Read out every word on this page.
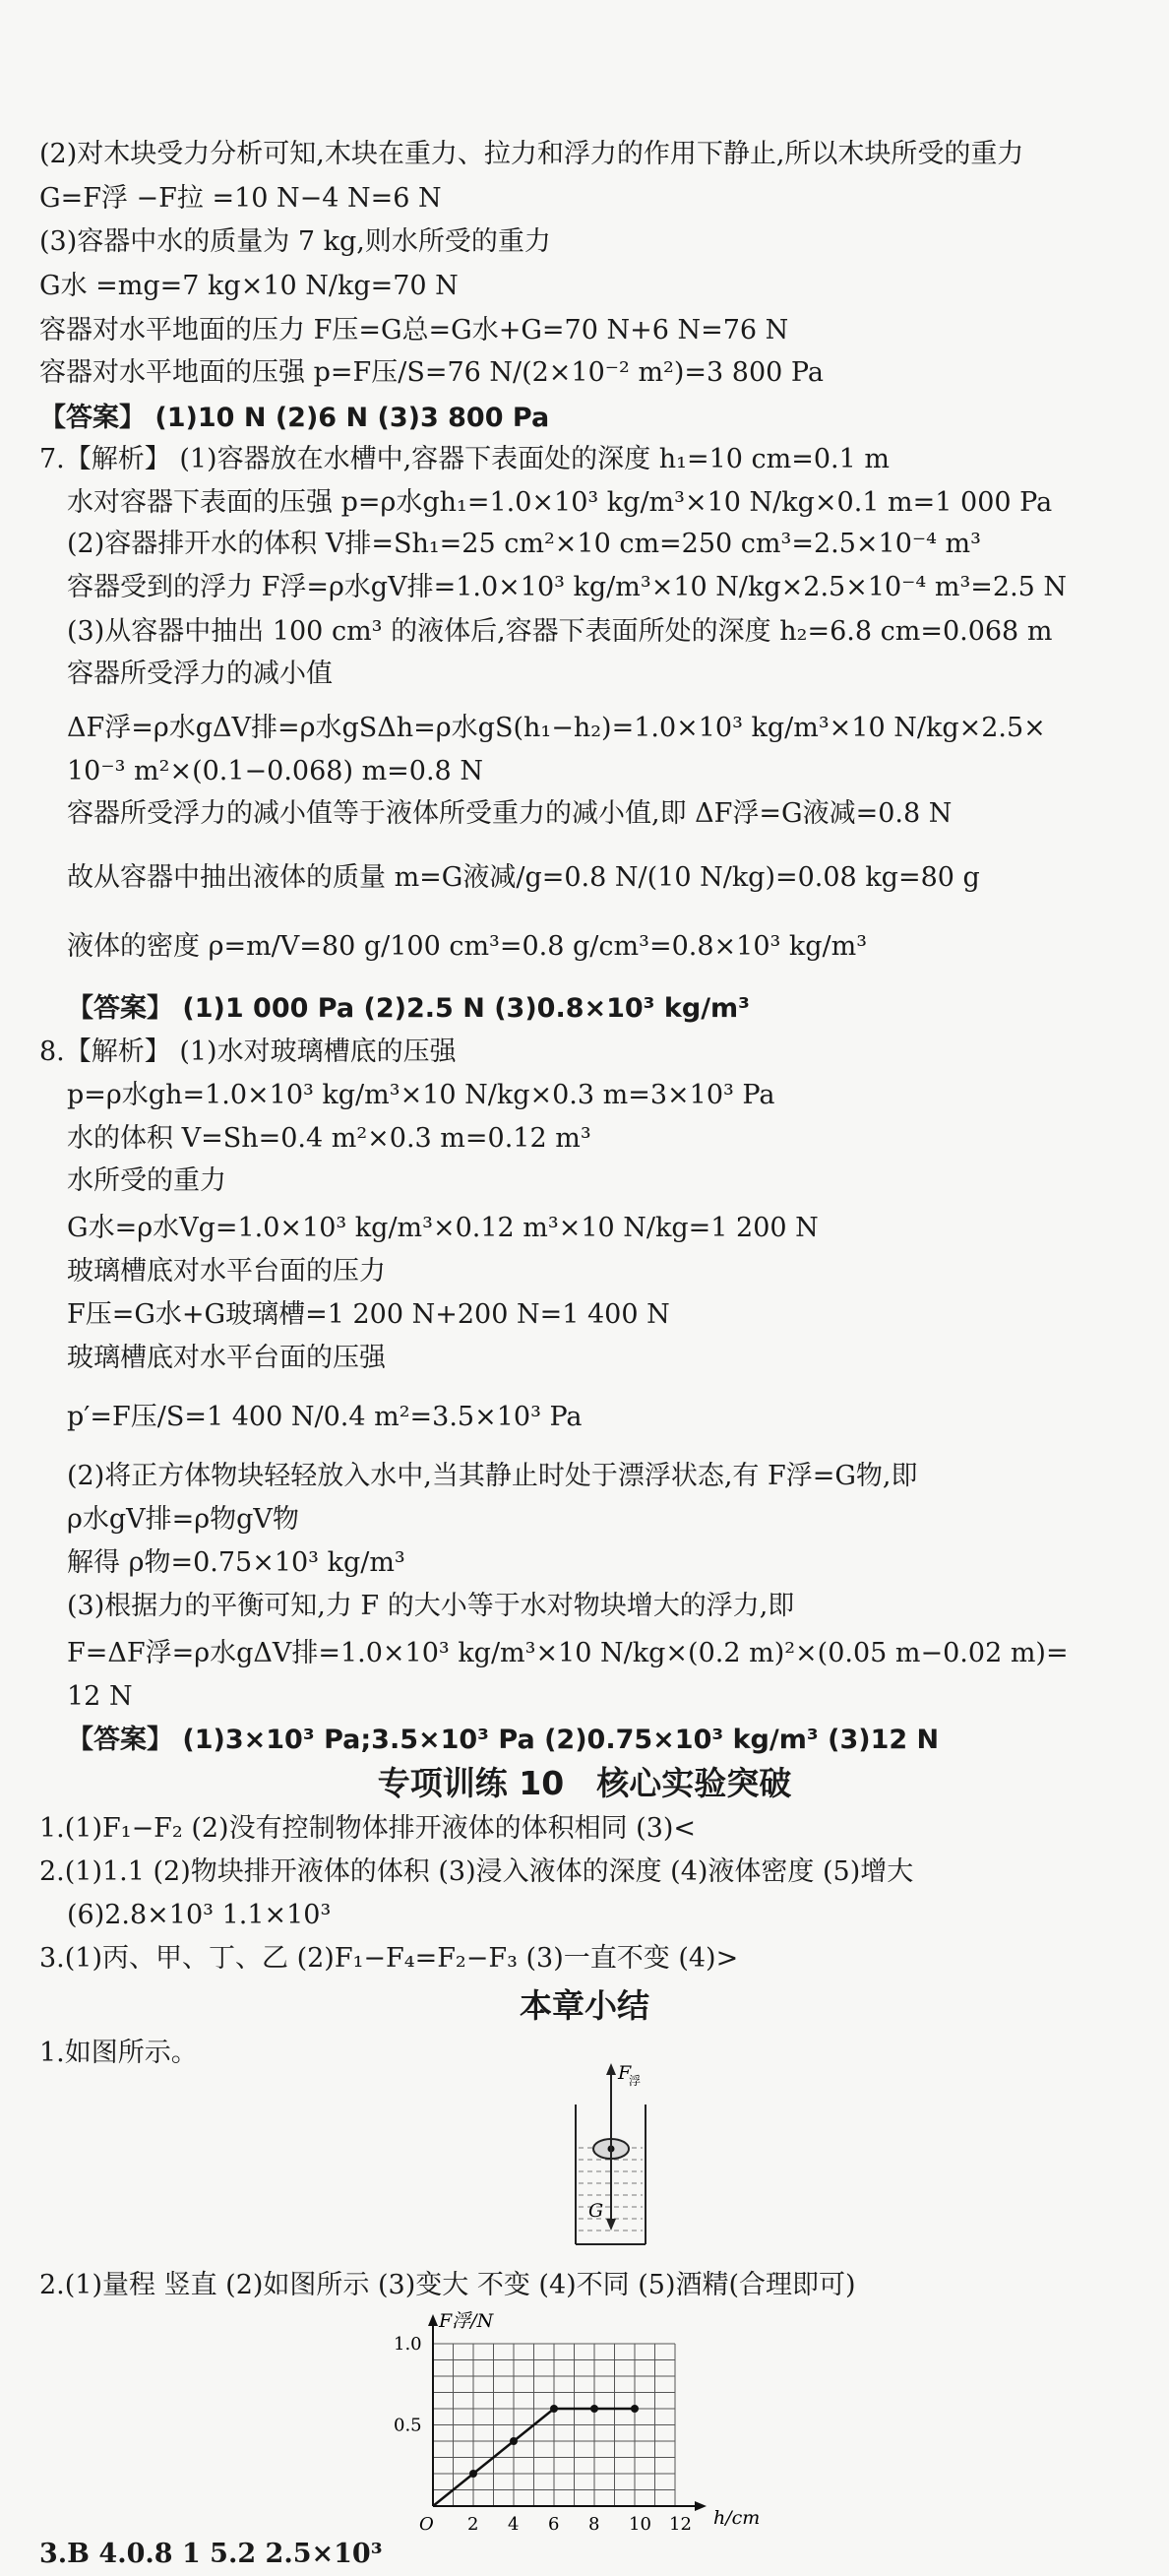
(2)对木块受力分析可知,木块在重力、拉力和浮力的作用下静止,所以木块所受的重力
G=F浮 −F拉 =10 N−4 N=6 N
(3)容器中水的质量为 7 kg,则水所受的重力
G水 =mg=7 kg×10 N/kg=70 N
容器对水平地面的压力 F压=G总=G水+G=70 N+6 N=76 N
容器对水平地面的压强 p=F压/S=76 N/(2×10⁻² m²)=3 800 Pa
【答案】 (1)10 N (2)6 N (3)3 800 Pa
7.【解析】 (1)容器放在水槽中,容器下表面处的深度 h₁=10 cm=0.1 m
水对容器下表面的压强 p=ρ水gh₁=1.0×10³ kg/m³×10 N/kg×0.1 m=1 000 Pa
(2)容器排开水的体积 V排=Sh₁=25 cm²×10 cm=250 cm³=2.5×10⁻⁴ m³
容器受到的浮力 F浮=ρ水gV排=1.0×10³ kg/m³×10 N/kg×2.5×10⁻⁴ m³=2.5 N
(3)从容器中抽出 100 cm³ 的液体后,容器下表面所处的深度 h₂=6.8 cm=0.068 m
容器所受浮力的减小值
ΔF浮=ρ水gΔV排=ρ水gSΔh=ρ水gS(h₁−h₂)=1.0×10³ kg/m³×10 N/kg×2.5×
10⁻³ m²×(0.1−0.068) m=0.8 N
容器所受浮力的减小值等于液体所受重力的减小值,即 ΔF浮=G液减=0.8 N
故从容器中抽出液体的质量 m=G液减/g=0.8 N/(10 N/kg)=0.08 kg=80 g
液体的密度 ρ=m/V=80 g/100 cm³=0.8 g/cm³=0.8×10³ kg/m³
【答案】 (1)1 000 Pa (2)2.5 N (3)0.8×10³ kg/m³
8.【解析】 (1)水对玻璃槽底的压强
p=ρ水gh=1.0×10³ kg/m³×10 N/kg×0.3 m=3×10³ Pa
水的体积 V=Sh=0.4 m²×0.3 m=0.12 m³
水所受的重力
G水=ρ水Vg=1.0×10³ kg/m³×0.12 m³×10 N/kg=1 200 N
玻璃槽底对水平台面的压力
F压=G水+G玻璃槽=1 200 N+200 N=1 400 N
玻璃槽底对水平台面的压强
p′=F压/S=1 400 N/0.4 m²=3.5×10³ Pa
(2)将正方体物块轻轻放入水中,当其静止时处于漂浮状态,有 F浮=G物,即
ρ水gV排=ρ物gV物
解得 ρ物=0.75×10³ kg/m³
(3)根据力的平衡可知,力 F 的大小等于水对物块增大的浮力,即
F=ΔF浮=ρ水gΔV排=1.0×10³ kg/m³×10 N/kg×(0.2 m)²×(0.05 m−0.02 m)=
12 N
【答案】 (1)3×10³ Pa;3.5×10³ Pa (2)0.75×10³ kg/m³ (3)12 N
专项训练 10　核心实验突破
1.(1)F₁−F₂ (2)没有控制物体排开液体的体积相同 (3)<
2.(1)1.1 (2)物块排开液体的体积 (3)浸入液体的深度 (4)液体密度 (5)增大
(6)2.8×10³ 1.1×10³
3.(1)丙、甲、丁、乙 (2)F₁−F₄=F₂−F₃ (3)一直不变 (4)>
本章小结
1.如图所示。
F
浮
G
2.(1)量程 竖直 (2)如图所示 (3)变大 不变 (4)不同 (5)酒精(合理即可)
O 2 4 6 8 10 12
0.5
1.0
F浮/N
h/cm
3.B 4.0.8 1 5.2 2.5×10³
